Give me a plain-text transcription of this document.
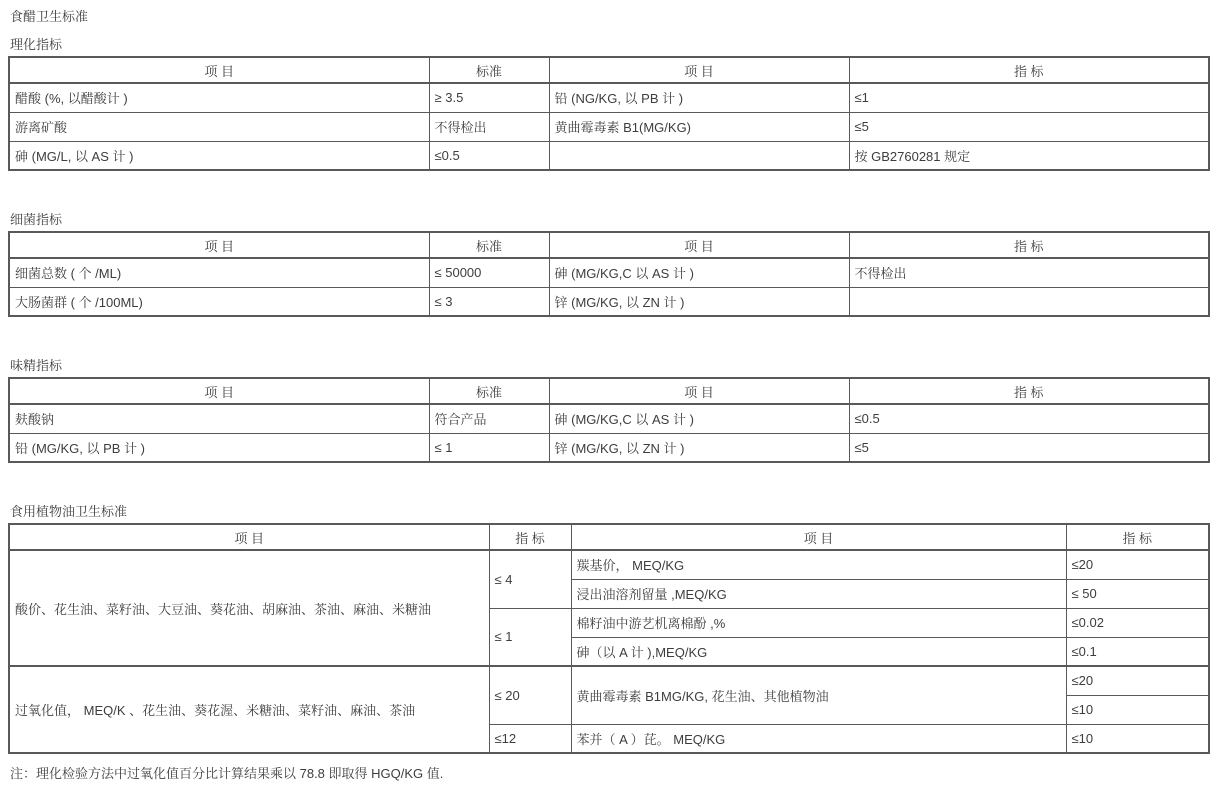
食醋卫生标准
理化指标
项 目	标准	项 目	指 标
醋酸 (%, 以醋酸计 )	≥ 3.5	铅 (NG/KG, 以 PB 计 )	≤1
游离矿酸	不得检出	黄曲霉毒素 B1(MG/KG)	≤5
砷 (MG/L, 以 AS 计 )	≤0.5		按 GB2760281 规定
细菌指标
项 目	标准	项 目	指 标
细菌总数 ( 个 /ML)	≤ 50000	砷 (MG/KG,C 以 AS 计 )	不得检出
大肠菌群 ( 个 /100ML)	≤ 3	锌 (MG/KG, 以 ZN 计 )	
味精指标
项 目	标准	项 目	指 标
麸酸钠	符合产品	砷 (MG/KG,C 以 AS 计 )	≤0.5
铅 (MG/KG, 以 PB 计 )	≤ 1	锌 (MG/KG, 以 ZN 计 )	≤5
食用植物油卫生标准
项 目	指 标	项 目	指 标
酸价、花生油、菜籽油、大豆油、葵花油、胡麻油、茶油、麻油、米糖油	≤ 4	羰基价， MEQ/KG	≤20
		浸出油溶剂留量 ,MEQ/KG	≤ 50
	≤ 1	棉籽油中游艺机离棉酚 ,%	≤0.02
		砷（以 A 计 ),MEQ/KG	≤0.1
过氧化值， MEQ/K 、花生油、葵花渥、米糖油、菜籽油、麻油、茶油	≤ 20	黄曲霉毒素 B1MG/KG, 花生油、其他植物油	≤20
			≤10
	≤12	苯并（ A ）芘。 MEQ/KG	≤10
注：理化检验方法中过氧化值百分比计算结果乘以 78.8 即取得 HGQ/KG 值.
